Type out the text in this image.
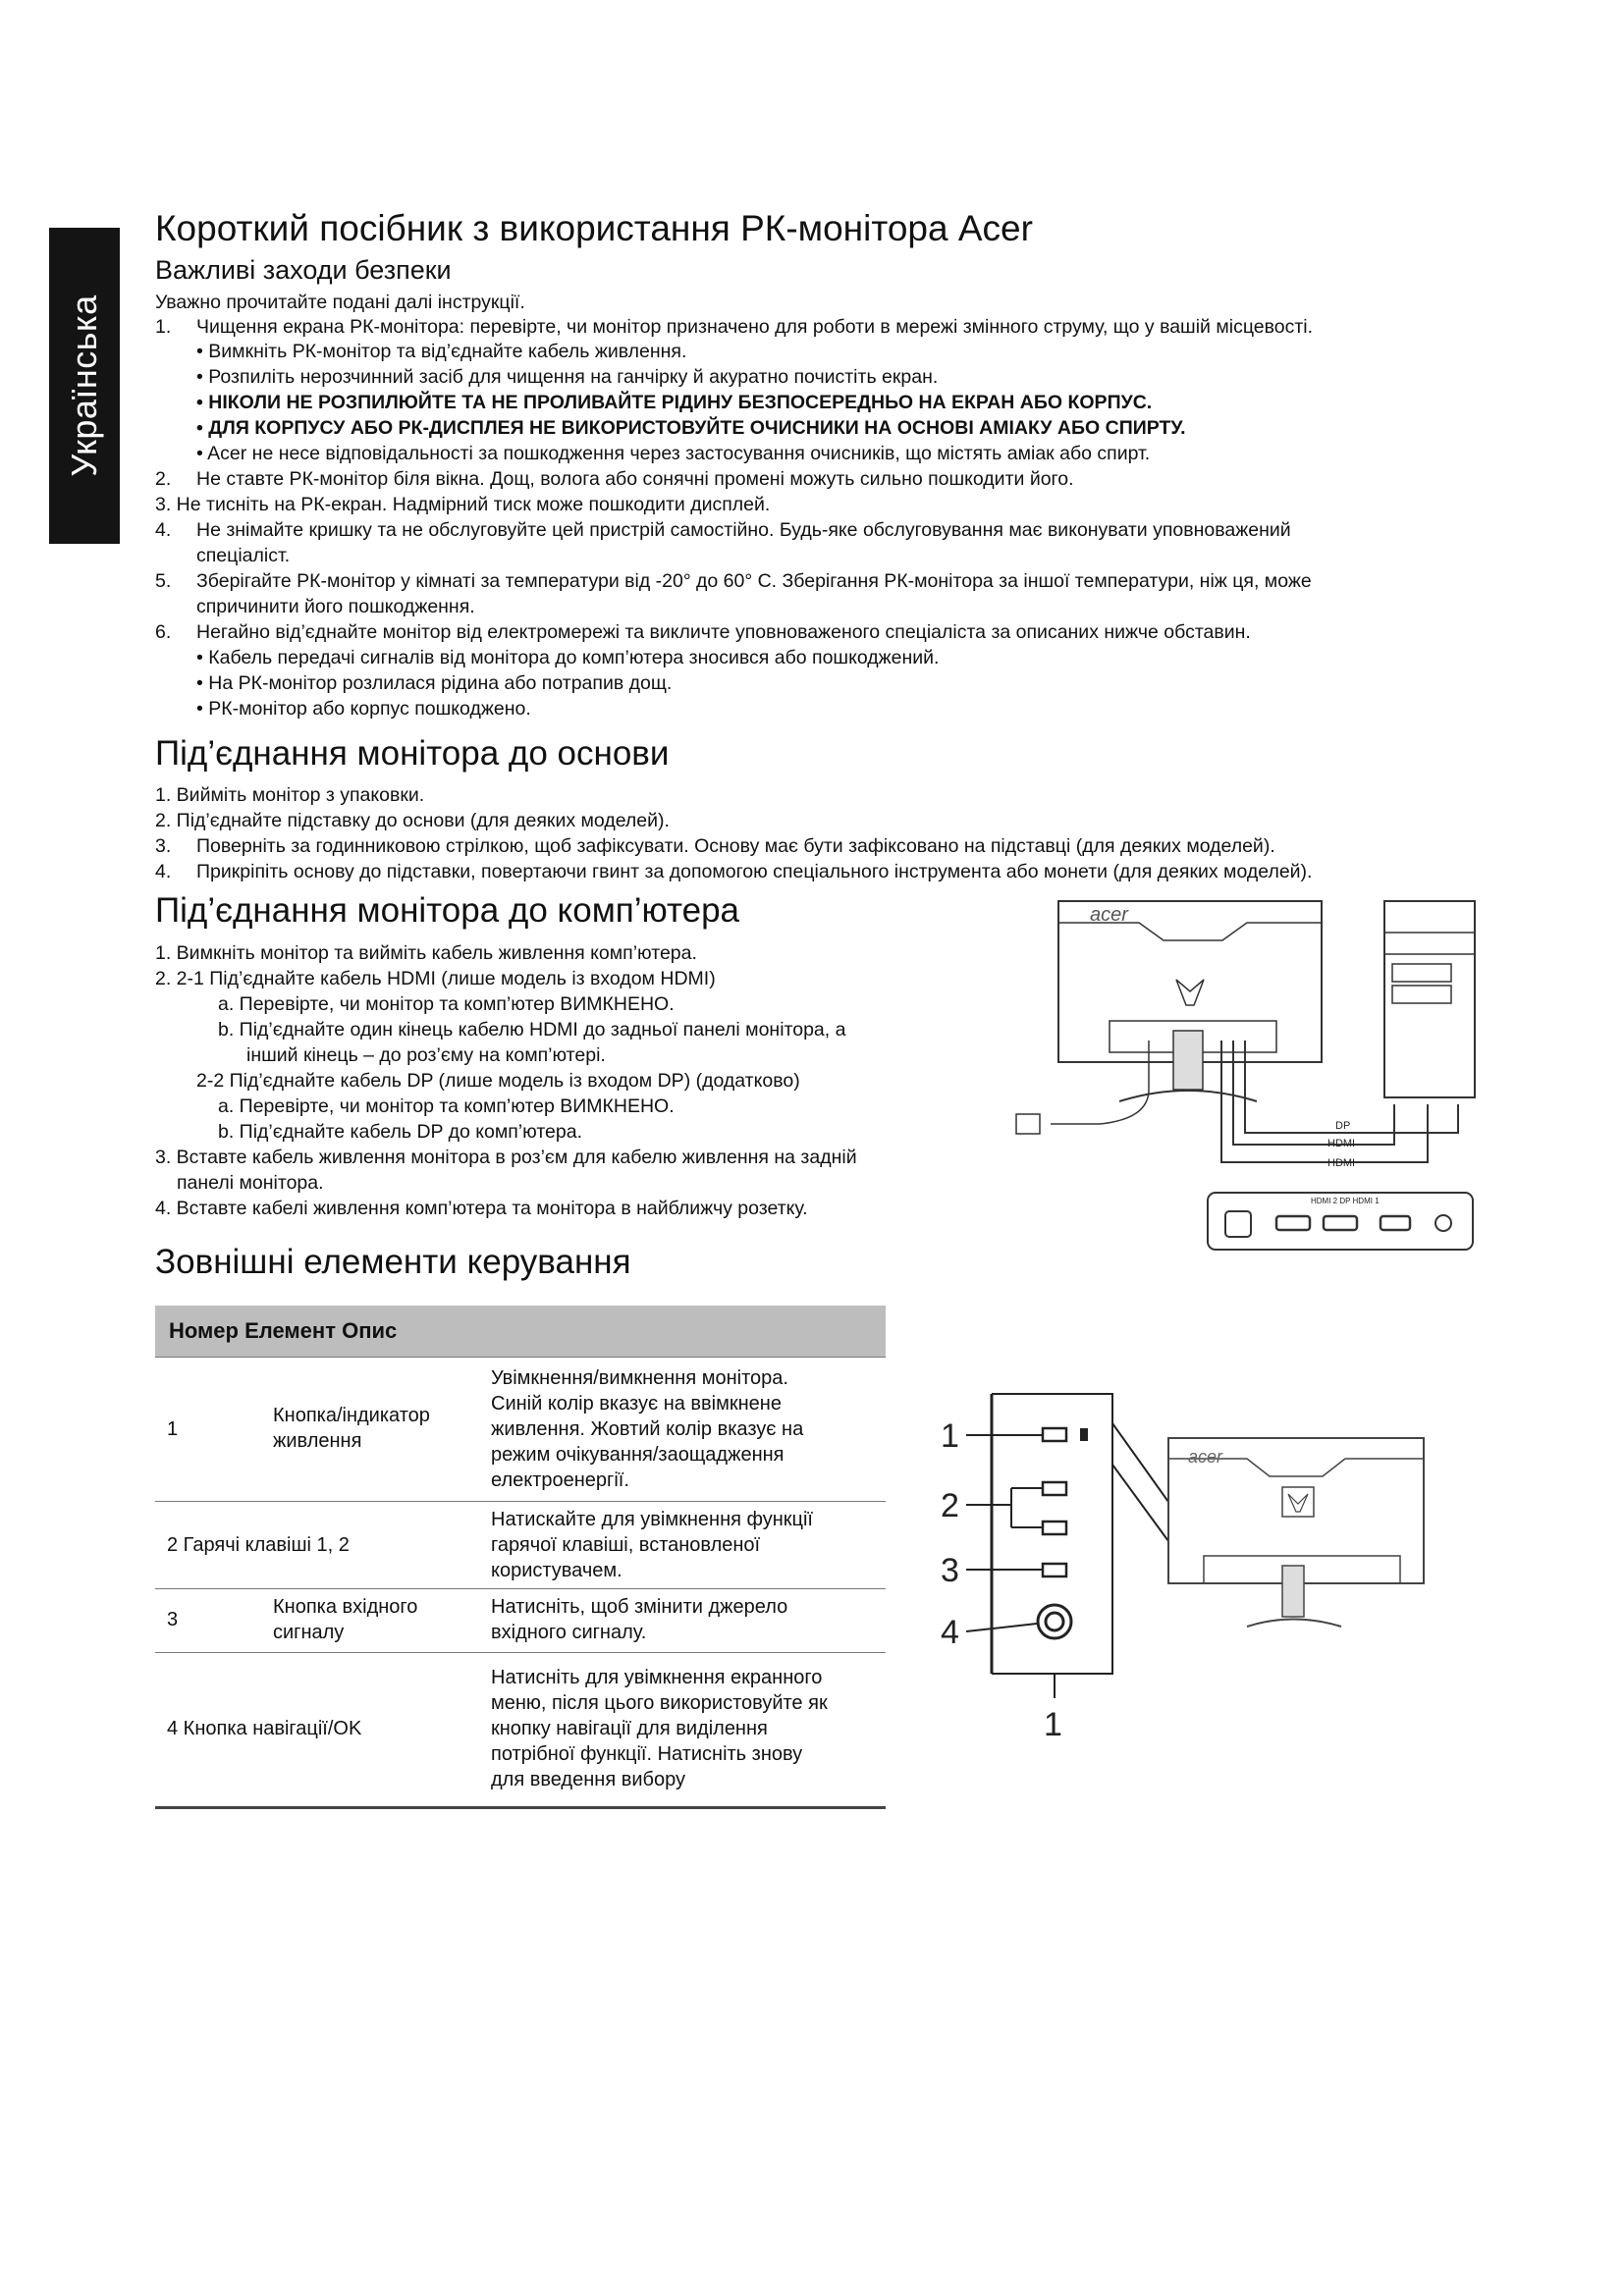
Українська
Короткий посібник з використання РК-монітора Acer
Важливі заходи безпеки
Уважно прочитайте подані далі інструкції.
1. Чищення екрана РК-монітора: перевірте, чи монітор призначено для роботи в мережі змінного струму, що у вашій місцевості.
• Вимкніть РК-монітор та від’єднайте кабель живлення.
• Розпиліть нерозчинний засіб для чищення на ганчірку й акуратно почистіть екран.
• НІКОЛИ НЕ РОЗПИЛЮЙТЕ ТА НЕ ПРОЛИВАЙТЕ РІДИНУ БЕЗПОСЕРЕДНЬО НА ЕКРАН АБО КОРПУС.
• ДЛЯ КОРПУСУ АБО РК-ДИСПЛЕЯ НЕ ВИКОРИСТОВУЙТЕ ОЧИСНИКИ НА ОСНОВІ АМІАКУ АБО СПИРТУ.
• Acer не несе відповідальності за пошкодження через застосування очисників, що містять аміак або спирт.
2. Не ставте РК-монітор біля вікна. Дощ, волога або сонячні промені можуть сильно пошкодити його.
3. Не тисніть на РК-екран. Надмірний тиск може пошкодити дисплей.
4. Не знімайте кришку та не обслуговуйте цей пристрій самостійно. Будь-яке обслуговування має виконувати уповноважений
спеціаліст.
5. Зберігайте РК-монітор у кімнаті за температури від -20° до 60° C. Зберігання РК-монітора за іншої температури, ніж ця, може
спричинити його пошкодження.
6. Негайно від’єднайте монітор від електромережі та викличте уповноваженого спеціаліста за описаних нижче обставин.
• Кабель передачі сигналів від монітора до комп’ютера зносився або пошкоджений.
• На РК-монітор розлилася рідина або потрапив дощ.
• РК-монітор або корпус пошкоджено.
Під’єднання монітора до основи
1. Вийміть монітор з упаковки.
2. Під’єднайте підставку до основи (для деяких моделей).
3. Поверніть за годинниковою стрілкою, щоб зафіксувати. Основу має бути зафіксовано на підставці (для деяких моделей).
4. Прикріпіть основу до підставки, повертаючи гвинт за допомогою спеціального інструмента або монети (для деяких моделей).
Під’єднання монітора до комп’ютера
1. Вимкніть монітор та вийміть кабель живлення комп’ютера.
2. 2-1 Під’єднайте кабель HDMI (лише модель із входом HDMI)
a. Перевірте, чи монітор та комп’ютер ВИМКНЕНО.
b. Під’єднайте один кінець кабелю HDMI до задньої панелі монітора, а
інший кінець – до роз’єму на комп’ютері.
2-2 Під’єднайте кабель DP (лише модель із входом DP) (додатково)
a. Перевірте, чи монітор та комп’ютер ВИМКНЕНО.
b. Під’єднайте кабель DP до комп’ютера.
3. Вставте кабель живлення монітора в роз’єм для кабелю живлення на задній
панелі монітора.
4. Вставте кабелі живлення комп’ютера та монітора в найближчу розетку.
acer
DP
HDMI
HDMI
HDMI 2 DP HDMI 1
Зовнішні елементи керування
Номер Елемент Опис
1
Кнопка/індикатор
живлення
Увімкнення/вимкнення монітора.
Синій колір вказує на ввімкнене
живлення. Жовтий колір вказує на
режим очікування/заощадження
електроенергії.
2 Гарячі клавіші 1, 2
Натискайте для увімкнення функції
гарячої клавіші, встановленої
користувачем.
3
Кнопка вхідного
сигналу
Натисніть, щоб змінити джерело
вхідного сигналу.
4 Кнопка навігації/OK
Натисніть для увімкнення екранного
меню, після цього використовуйте як
кнопку навігації для виділення
потрібної функції. Натисніть знову
для введення вибору
1
2
3
4
1
acer
